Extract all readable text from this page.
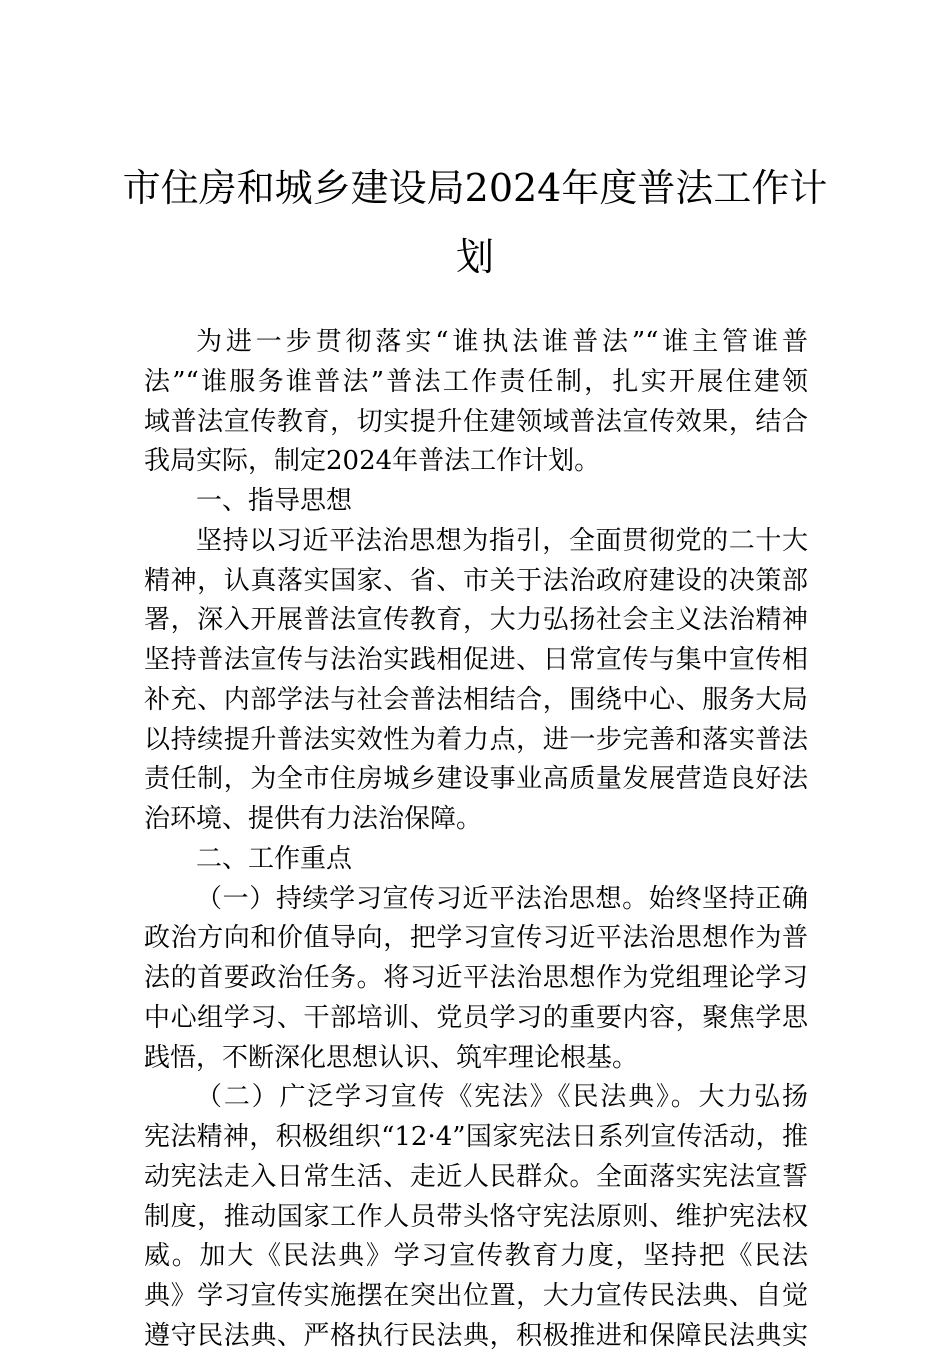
市住房和城乡建设局2024年度普法工作计
划
为进一步贯彻落实“谁执法谁普法”“谁主管谁普
法”“谁服务谁普法”普法工作责任制，扎实开展住建领
域普法宣传教育，切实提升住建领域普法宣传效果，结合
我局实际，制定2024年普法工作计划。
一、指导思想
坚持以习近平法治思想为指引，全面贯彻党的二十大
精神，认真落实国家、省、市关于法治政府建设的决策部
署，深入开展普法宣传教育，大力弘扬社会主义法治精神
坚持普法宣传与法治实践相促进、日常宣传与集中宣传相
补充、内部学法与社会普法相结合，围绕中心、服务大局
以持续提升普法实效性为着力点，进一步完善和落实普法
责任制，为全市住房城乡建设事业高质量发展营造良好法
治环境、提供有力法治保障。
二、工作重点
（一）持续学习宣传习近平法治思想。始终坚持正确
政治方向和价值导向，把学习宣传习近平法治思想作为普
法的首要政治任务。将习近平法治思想作为党组理论学习
中心组学习、干部培训、党员学习的重要内容，聚焦学思
践悟，不断深化思想认识、筑牢理论根基。
（二）广泛学习宣传《宪法》《民法典》。大力弘扬
宪法精神，积极组织“12·4”国家宪法日系列宣传活动，推
动宪法走入日常生活、走近人民群众。全面落实宪法宣誓
制度，推动国家工作人员带头恪守宪法原则、维护宪法权
威。加大《民法典》学习宣传教育力度，坚持把《民法
典》学习宣传实施摆在突出位置，大力宣传民法典、自觉
遵守民法典、严格执行民法典，积极推进和保障民法典实
